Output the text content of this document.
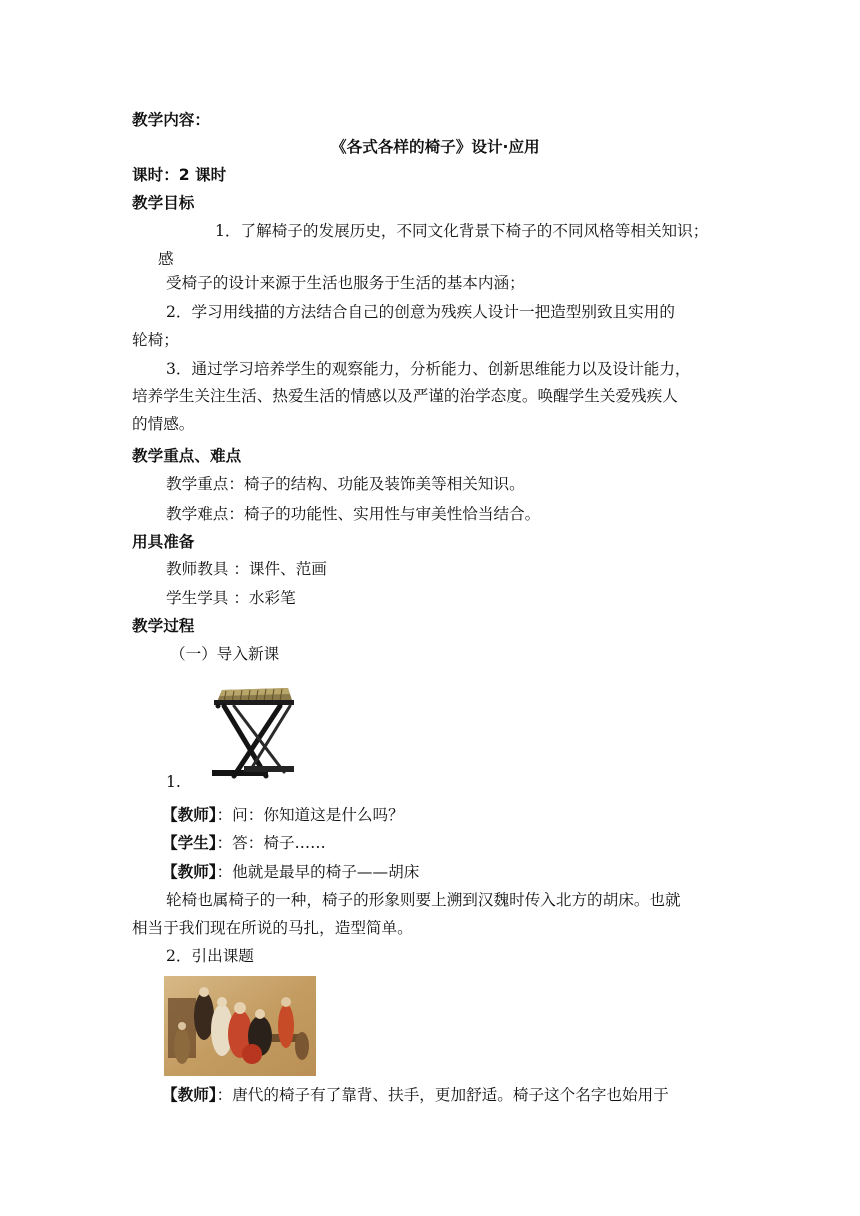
教学内容：
《各式各样的椅子》设计·应用
课时：2 课时
教学目标
1．了解椅子的发展历史，不同文化背景下椅子的不同风格等相关知识；
感
受椅子的设计来源于生活也服务于生活的基本内涵；
2．学习用线描的方法结合自己的创意为残疾人设计一把造型别致且实用的
轮椅；
3．通过学习培养学生的观察能力，分析能力、创新思维能力以及设计能力，
培养学生关注生活、热爱生活的情感以及严谨的治学态度。唤醒学生关爱残疾人
的情感。
教学重点、难点
教学重点：椅子的结构、功能及装饰美等相关知识。
教学难点：椅子的功能性、实用性与审美性恰当结合。
用具准备
教师教具 ：课件、范画
学生学具 ：水彩笔
教学过程
（一）导入新课
1.
【教师】：问：你知道这是什么吗？
【学生】：答：椅子……
【教师】：他就是最早的椅子——胡床
轮椅也属椅子的一种，椅子的形象则要上溯到汉魏时传入北方的胡床。也就
相当于我们现在所说的马扎，造型简单。
2．引出课题
【教师】：唐代的椅子有了靠背、扶手，更加舒适。椅子这个名字也始用于
